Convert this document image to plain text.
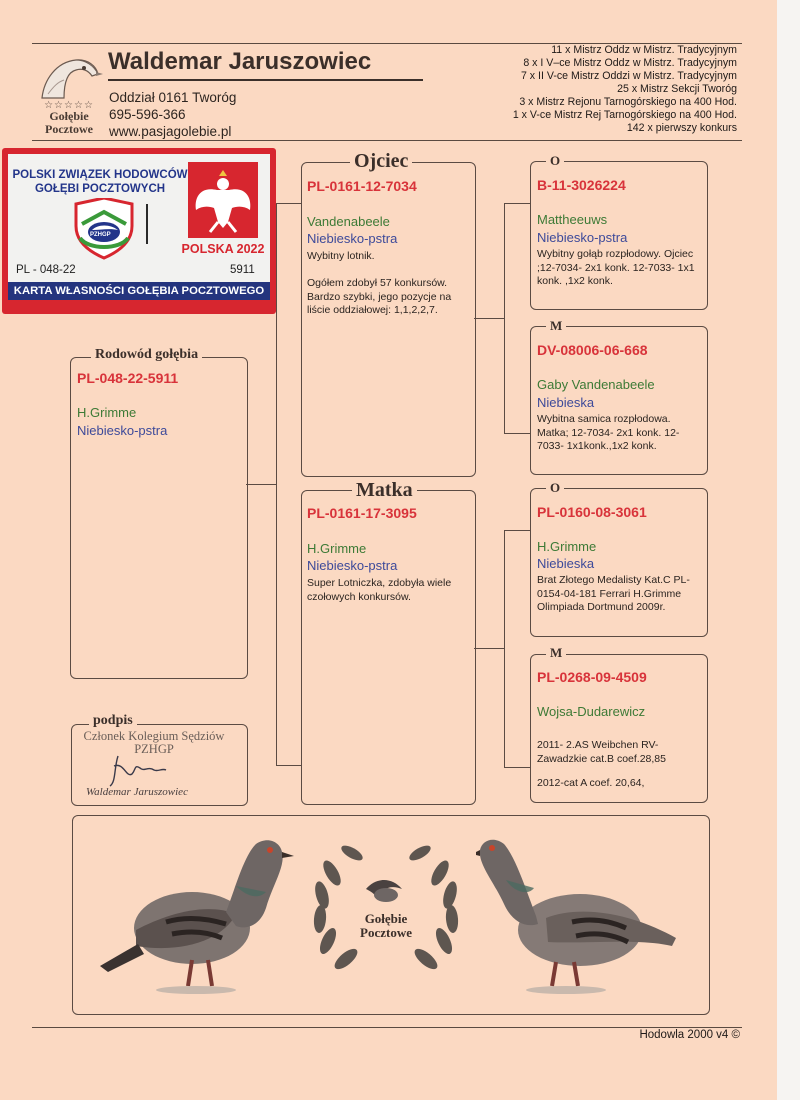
☆☆☆☆☆
Gołębie
Pocztowe
Waldemar Jaruszowiec
Oddział 0161 Tworóg
695-596-366
www.pasjagolebie.pl
11 x Mistrz Oddz w Mistrz. Tradycyjnym
8 x I V–ce Mistrz Oddz w Mistrz. Tradycyjnym
7 x II V-ce Mistrz Oddzi w Mistrz. Tradycyjnym
25 x Mistrz Sekcji Tworóg
3 x Mistrz Rejonu Tarnogórskiego na 400 Hod.
1 x V-ce Mistrz Rej Tarnogórskiego na 400 Hod.
142 x pierwszy konkurs
Rodowód gołębia
PL-048-22-5911
H.Grimme
Niebiesko-pstra
Ojciec
PL-0161-12-7034
Vandenabeele
Niebiesko-pstra
Wybitny lotnik.
Ogółem zdobył 57 konkursów. Bardzo szybki, jego pozycje na liście oddziałowej: 1,1,2,2,7.
Matka
PL-0161-17-3095
H.Grimme
Niebiesko-pstra
Super Lotniczka, zdobyła wiele czołowych konkursów.
O
B-11-3026224
Mattheeuws
Niebiesko-pstra
Wybitny gołąb rozpłodowy. Ojciec ;12-7034- 2x1 konk. 12-7033- 1x1 konk. ,1x2 konk.
M
DV-08006-06-668
Gaby Vandenabeele
Niebieska
Wybitna samica rozpłodowa. Matka; 12-7034- 2x1 konk. 12-7033- 1x1konk.,1x2 konk.
O
PL-0160-08-3061
H.Grimme
Niebieska
Brat Złotego Medalisty Kat.C PL-0154-04-181 Ferrari H.Grimme Olimpiada Dortmund 2009r.
M
PL-0268-09-4509
Wojsa-Dudarewicz
2011- 2.AS Weibchen RV-Zawadzkie cat.B coef.28,85
2012-cat A coef. 20,64,
podpis
Członek Kolegium Sędziów
PZHGP
Waldemar Jaruszowiec
Gołębie
Pocztowe
Hodowla 2000 v4 ©
POLSKI ZWIĄZEK HODOWCÓW
GOŁĘBI POCZTOWYCH
PZHGP
POLSKA 2022
PL - 048-22	5911
KARTA WŁASNOŚCI GOŁĘBIA POCZTOWEGO
